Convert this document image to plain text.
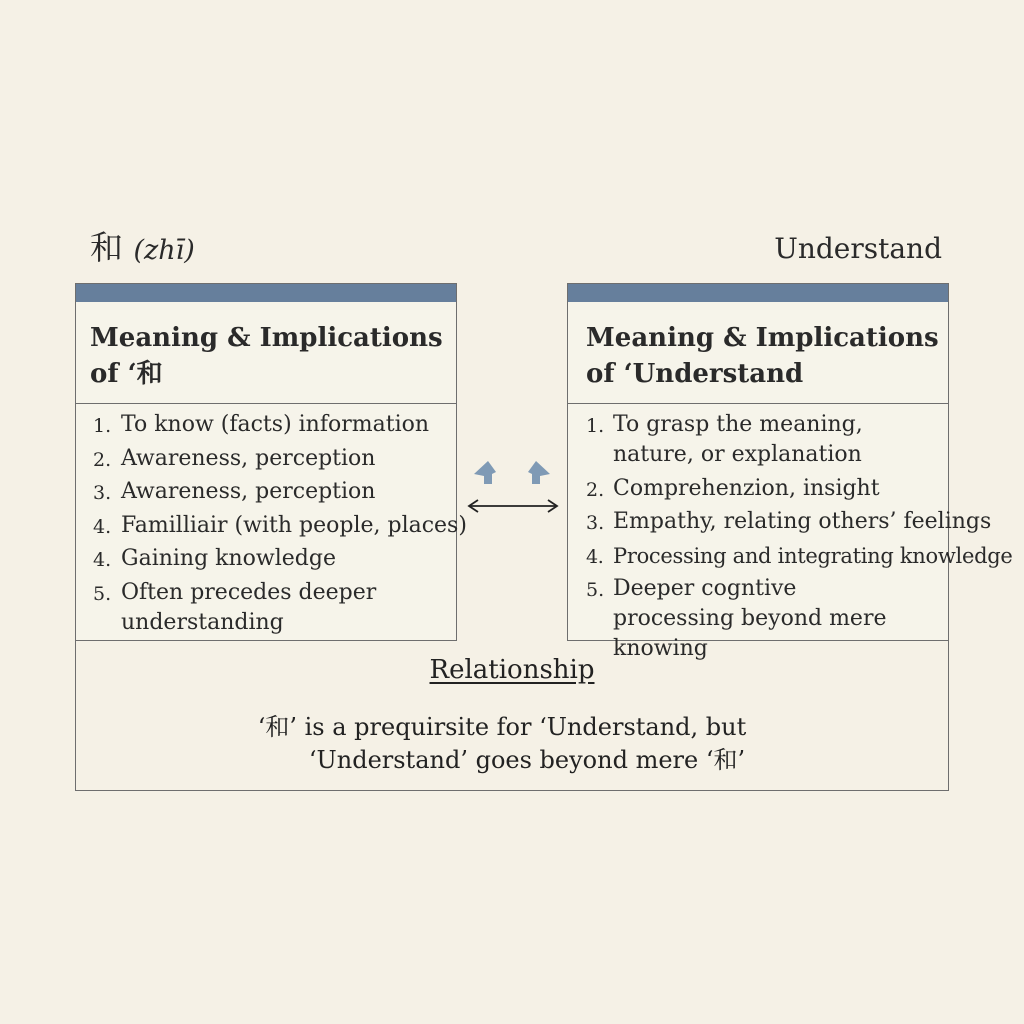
和 (zhī)	Understand
Meaning & Implications of ‘和
1. To know (facts) information
2. Awareness, perception
3. Awareness, perception
4. Familliair (with people, places)
4. Gaining knowledge
5. Often precedes deeper understanding
Meaning & Implications of ‘Understand
1. To grasp the meaning, nature, or explanation
2. Comprehenzion, insight
3. Empathy, relating others’ feelings
4. Processing and integrating knowledge
5. Deeper cogntive processing beyond mere knowing
Relationship
‘和’ is a prequirsite for ‘Understand, but
‘Understand’ goes beyond mere ‘和’
